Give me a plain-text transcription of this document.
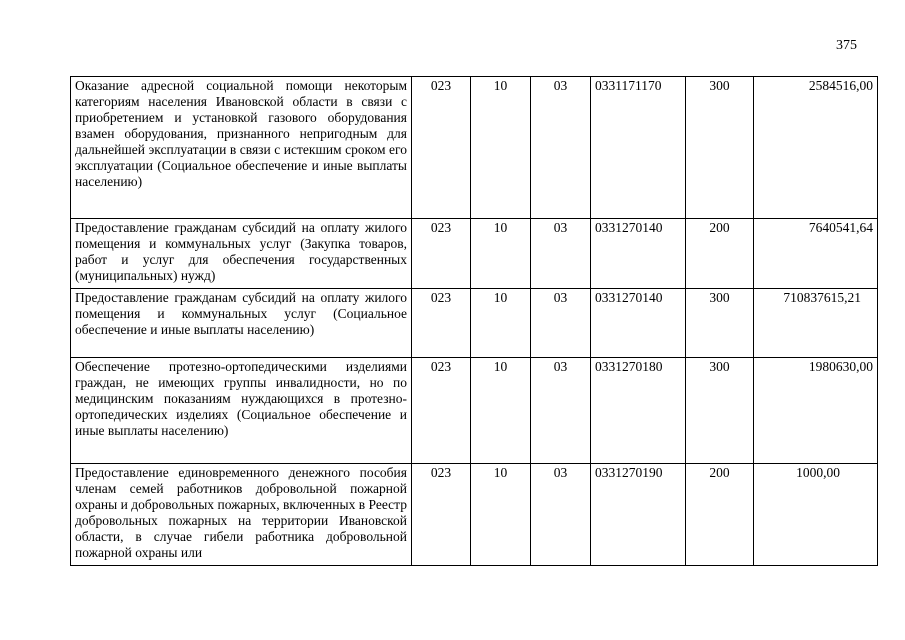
375
Оказание адресной социальной помощи некоторым категориям населения Ивановской области в связи с приобретением и установкой газового оборудования взамен оборудования, признанного непригодным для дальнейшей эксплуатации в связи с истекшим сроком его эксплуатации (Социальное обеспечение и иные выплаты населению)	023	10	03	0331171170	300	2584516,00
Предоставление гражданам субсидий на оплату жилого помещения и коммунальных услуг (Закупка товаров, работ и услуг для обеспечения государственных (муниципальных) нужд)	023	10	03	0331270140	200	7640541,64
Предоставление гражданам субсидий на оплату жилого помещения и коммунальных услуг (Социальное обеспечение и иные выплаты населению)	023	10	03	0331270140	300	710837615,21
Обеспечение протезно-ортопедическими изделиями граждан, не имеющих группы инвалидности, но по медицинским показаниям нуждающихся в протезно-ортопедических изделиях (Социальное обеспечение и иные выплаты населению)	023	10	03	0331270180	300	1980630,00
Предоставление единовременного денежного пособия членам семей работников добровольной пожарной охраны и добровольных пожарных, включенных в Реестр добровольных пожарных на территории Ивановской области, в случае гибели работника добровольной пожарной охраны или	023	10	03	0331270190	200	1000,00
